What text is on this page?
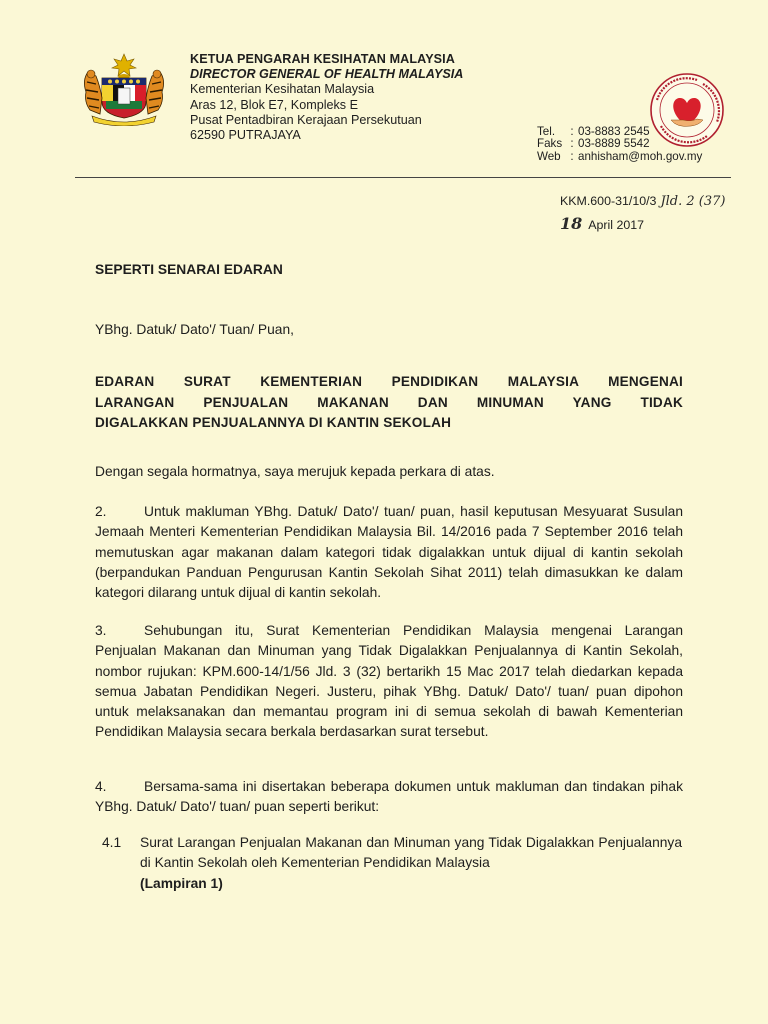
KETUA PENGARAH KESIHATAN MALAYSIA
DIRECTOR GENERAL OF HEALTH MALAYSIA
Kementerian Kesihatan Malaysia
Aras 12, Blok E7, Kompleks E
Pusat Pentadbiran Kerajaan Persekutuan
62590 PUTRAJAYA	Tel.	: 03-8883 2545
Faks : 03-8889 5542
Web : anhisham@moh.gov.my
KKM.600-31/10/3 Jld. 2 (37)
18 April 2017
SEPERTI SENARAI EDARAN
YBhg. Datuk/ Dato'/ Tuan/ Puan,
EDARAN SURAT KEMENTERIAN PENDIDIKAN MALAYSIA MENGENAI
LARANGAN PENJUALAN MAKANAN DAN MINUMAN YANG TIDAK
DIGALAKKAN PENJUALANNYA DI KANTIN SEKOLAH
Dengan segala hormatnya, saya merujuk kepada perkara di atas.
2.	Untuk makluman YBhg. Datuk/ Dato'/ tuan/ puan, hasil keputusan Mesyuarat Susulan Jemaah Menteri Kementerian Pendidikan Malaysia Bil. 14/2016 pada 7 September 2016 telah memutuskan agar makanan dalam kategori tidak digalakkan untuk dijual di kantin sekolah (berpandukan Panduan Pengurusan Kantin Sekolah Sihat 2011) telah dimasukkan ke dalam kategori dilarang untuk dijual di kantin sekolah.
3.	Sehubungan itu, Surat Kementerian Pendidikan Malaysia mengenai Larangan Penjualan Makanan dan Minuman yang Tidak Digalakkan Penjualannya di Kantin Sekolah, nombor rujukan: KPM.600-14/1/56 Jld. 3 (32) bertarikh 15 Mac 2017 telah diedarkan kepada semua Jabatan Pendidikan Negeri. Justeru, pihak YBhg. Datuk/ Dato'/ tuan/ puan dipohon untuk melaksanakan dan memantau program ini di semua sekolah di bawah Kementerian Pendidikan Malaysia secara berkala berdasarkan surat tersebut.
4.	Bersama-sama ini disertakan beberapa dokumen untuk makluman dan tindakan pihak YBhg. Datuk/ Dato'/ tuan/ puan seperti berikut:
4.1	Surat Larangan Penjualan Makanan dan Minuman yang Tidak Digalakkan Penjualannya di Kantin Sekolah oleh Kementerian Pendidikan Malaysia
(Lampiran 1)
